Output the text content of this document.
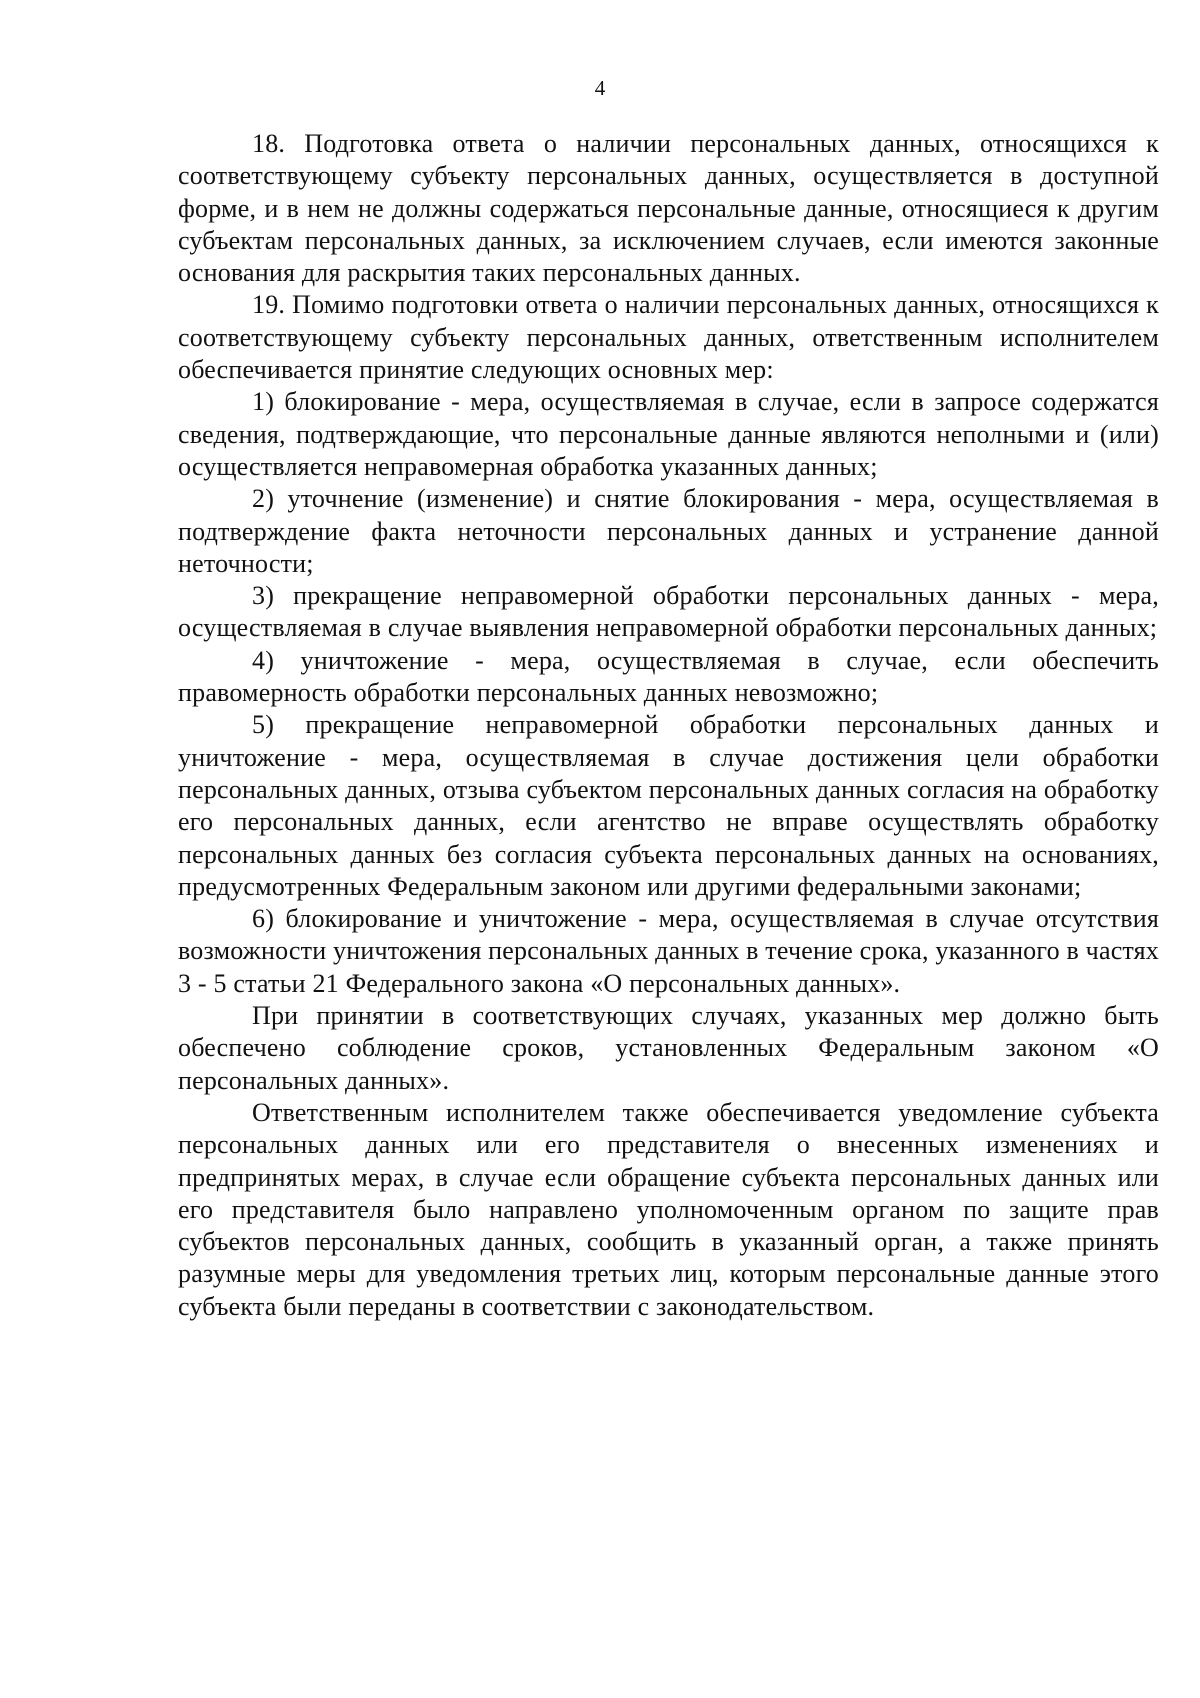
4

18. Подготовка ответа о наличии персональных данных, относящихся к соответствующему субъекту персональных данных, осуществляется в доступной форме, и в нем не должны содержаться персональные данные, относящиеся к другим субъектам персональных данных, за исключением случаев, если имеются законные основания для раскрытия таких персональных данных.

19. Помимо подготовки ответа о наличии персональных данных, относящихся к соответствующему субъекту персональных данных, ответственным исполнителем обеспечивается принятие следующих основных мер:

1) блокирование - мера, осуществляемая в случае, если в запросе содержатся сведения, подтверждающие, что персональные данные являются неполными и (или) осуществляется неправомерная обработка указанных данных;

2) уточнение (изменение) и снятие блокирования - мера, осуществляемая в подтверждение факта неточности персональных данных и устранение данной неточности;

3) прекращение неправомерной обработки персональных данных - мера, осуществляемая в случае выявления неправомерной обработки персональных данных;

4) уничтожение - мера, осуществляемая в случае, если обеспечить правомерность обработки персональных данных невозможно;

5) прекращение неправомерной обработки персональных данных и уничтожение - мера, осуществляемая в случае достижения цели обработки персональных данных, отзыва субъектом персональных данных согласия на обработку его персональных данных, если агентство не вправе осуществлять обработку персональных данных без согласия субъекта персональных данных на основаниях, предусмотренных Федеральным законом или другими федеральными законами;

6) блокирование и уничтожение - мера, осуществляемая в случае отсутствия возможности уничтожения персональных данных в течение срока, указанного в частях 3 - 5 статьи 21 Федерального закона «О персональных данных».

При принятии в соответствующих случаях, указанных мер должно быть обеспечено соблюдение сроков, установленных Федеральным законом «О персональных данных».

Ответственным исполнителем также обеспечивается уведомление субъекта персональных данных или его представителя о внесенных изменениях и предпринятых мерах, в случае если обращение субъекта персональных данных или его представителя было направлено уполномоченным органом по защите прав субъектов персональных данных, сообщить в указанный орган, а также принять разумные меры для уведомления третьих лиц, которым персональные данные этого субъекта были переданы в соответствии с законодательством.
